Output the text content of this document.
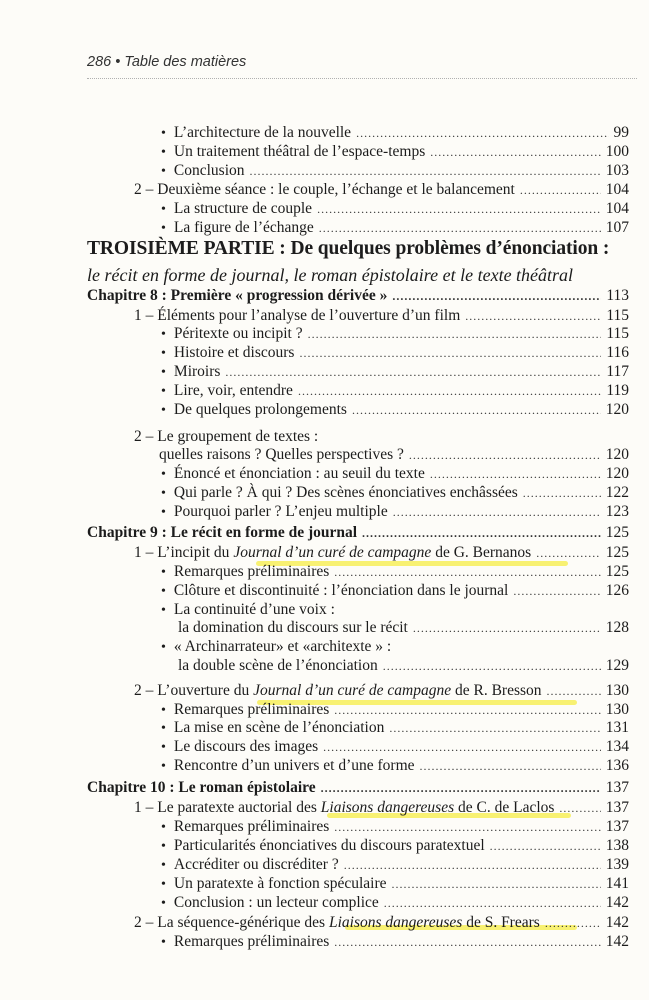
286 • Table des matières
TROISIÈME PARTIE : De quelques problèmes d’énonciation :
le récit en forme de journal, le roman épistolaire et le texte théâtral
• L’architecture de la nouvelle .....	99
• Un traitement théâtral de l’espace-temps .....	100
• Conclusion .....	103
2 – Deuxième séance : le couple, l’échange et le balancement .....	104
• La structure de couple .....	104
• La figure de l’échange .....	107
Chapitre 8 : Première « progression dérivée » .....	113
1 – Éléments pour l’analyse de l’ouverture d’un film .....	115
• Péritexte ou incipit ? .....	115
• Histoire et discours .....	116
• Miroirs .....	117
• Lire, voir, entendre .....	119
• De quelques prolongements .....	120
2 – Le groupement de textes :
quelles raisons ? Quelles perspectives ? .....	120
• Énoncé et énonciation : au seuil du texte .....	120
• Qui parle ? À qui ? Des scènes énonciatives enchâssées .....	122
• Pourquoi parler ? L’enjeu multiple .....	123
Chapitre 9 : Le récit en forme de journal .....	125
1 – L’incipit du Journal d’un curé de campagne de G. Bernanos .....	125
• Remarques préliminaires .....	125
• Clôture et discontinuité : l’énonciation dans le journal .....	126
• La continuité d’une voix :
la domination du discours sur le récit .....	128
• « Archinarrateur» et «architexte » :
la double scène de l’énonciation .....	129
2 – L’ouverture du Journal d’un curé de campagne de R. Bresson .....	130
• Remarques préliminaires .....	130
• La mise en scène de l’énonciation .....	131
• Le discours des images .....	134
• Rencontre d’un univers et d’une forme .....	136
Chapitre 10 : Le roman épistolaire .....	137
1 – Le paratexte auctorial des Liaisons dangereuses de C. de Laclos .....	137
• Remarques préliminaires .....	137
• Particularités énonciatives du discours paratextuel .....	138
• Accréditer ou discréditer ? .....	139
• Un paratexte à fonction spéculaire .....	141
• Conclusion : un lecteur complice .....	142
2 – La séquence-générique des Liaisons dangereuses de S. Frears .....	142
• Remarques préliminaires .....	142
